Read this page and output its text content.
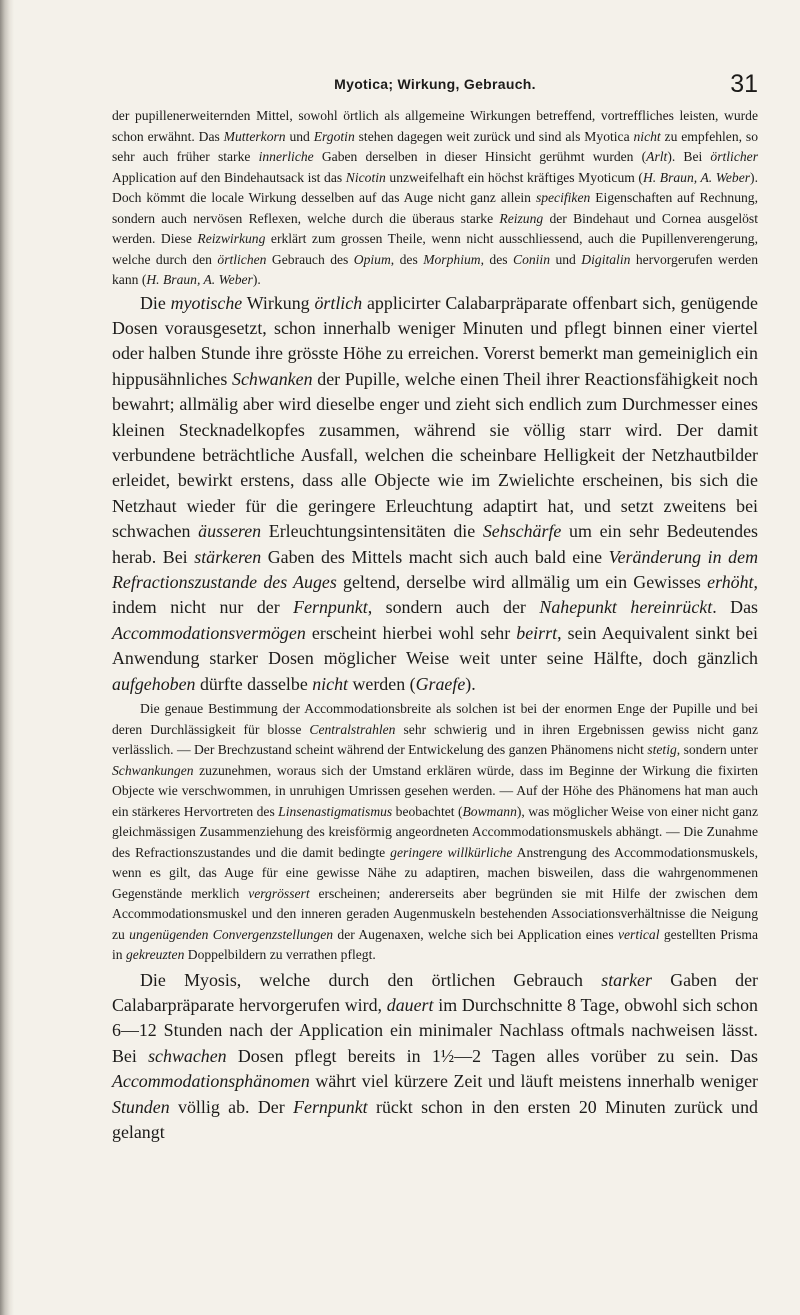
Myotica; Wirkung, Gebrauch.	31

der pupillenerweiternden Mittel, sowohl örtlich als allgemeine Wirkungen betreffend, vortreffliches leisten, wurde schon erwähnt. Das Mutterkorn und Ergotin stehen dagegen weit zurück und sind als Myotica nicht zu empfehlen, so sehr auch früher starke innerliche Gaben derselben in dieser Hinsicht gerühmt wurden (Arlt). Bei örtlicher Application auf den Bindehautsack ist das Nicotin unzweifelhaft ein höchst kräftiges Myoticum (H. Braun, A. Weber). Doch kömmt die locale Wirkung desselben auf das Auge nicht ganz allein specifiken Eigenschaften auf Rechnung, sondern auch nervösen Reflexen, welche durch die überaus starke Reizung der Bindehaut und Cornea ausgelöst werden. Diese Reizwirkung erklärt zum grossen Theile, wenn nicht ausschliessend, auch die Pupillenverengerung, welche durch den örtlichen Gebrauch des Opium, des Morphium, des Coniin und Digitalin hervorgerufen werden kann (H. Braun, A. Weber).

Die myotische Wirkung örtlich applicirter Calabarpräparate offenbart sich, genügende Dosen vorausgesetzt, schon innerhalb weniger Minuten und pflegt binnen einer viertel oder halben Stunde ihre grösste Höhe zu erreichen. Vorerst bemerkt man gemeiniglich ein hippusähnliches Schwanken der Pupille, welche einen Theil ihrer Reactionsfähigkeit noch bewahrt; allmälig aber wird dieselbe enger und zieht sich endlich zum Durchmesser eines kleinen Stecknadelkopfes zusammen, während sie völlig starr wird. Der damit verbundene beträchtliche Ausfall, welchen die scheinbare Helligkeit der Netzhautbilder erleidet, bewirkt erstens, dass alle Objecte wie im Zwielichte erscheinen, bis sich die Netzhaut wieder für die geringere Erleuchtung adaptirt hat, und setzt zweitens bei schwachen äusseren Erleuchtungsintensitäten die Sehschärfe um ein sehr Bedeutendes herab. Bei stärkeren Gaben des Mittels macht sich auch bald eine Veränderung in dem Refractionszustande des Auges geltend, derselbe wird allmälig um ein Gewisses erhöht, indem nicht nur der Fernpunkt, sondern auch der Nahepunkt hereinrückt. Das Accommodationsvermögen erscheint hierbei wohl sehr beirrt, sein Aequivalent sinkt bei Anwendung starker Dosen möglicher Weise weit unter seine Hälfte, doch gänzlich aufgehoben dürfte dasselbe nicht werden (Graefe).

Die genaue Bestimmung der Accommodationsbreite als solchen ist bei der enormen Enge der Pupille und bei deren Durchlässigkeit für blosse Centralstrahlen sehr schwierig und in ihren Ergebnissen gewiss nicht ganz verlässlich. — Der Brechzustand scheint während der Entwickelung des ganzen Phänomens nicht stetig, sondern unter Schwankungen zuzunehmen, woraus sich der Umstand erklären würde, dass im Beginne der Wirkung die fixirten Objecte wie verschwommen, in unruhigen Umrissen gesehen werden. — Auf der Höhe des Phänomens hat man auch ein stärkeres Hervortreten des Linsenastigmatismus beobachtet (Bowmann), was möglicher Weise von einer nicht ganz gleichmässigen Zusammenziehung des kreisförmig angeordneten Accommodationsmuskels abhängt. — Die Zunahme des Refractionszustandes und die damit bedingte geringere willkürliche Anstrengung des Accommodationsmuskels, wenn es gilt, das Auge für eine gewisse Nähe zu adaptiren, machen bisweilen, dass die wahrgenommenen Gegenstände merklich vergrössert erscheinen; andererseits aber begründen sie mit Hilfe der zwischen dem Accommodationsmuskel und den inneren geraden Augenmuskeln bestehenden Associationsverhältnisse die Neigung zu ungenügenden Convergenzstellungen der Augenaxen, welche sich bei Application eines vertical gestellten Prisma in gekreuzten Doppelbildern zu verrathen pflegt.

Die Myosis, welche durch den örtlichen Gebrauch starker Gaben der Calabarpräparate hervorgerufen wird, dauert im Durchschnitte 8 Tage, obwohl sich schon 6—12 Stunden nach der Application ein minimaler Nachlass oftmals nachweisen lässt. Bei schwachen Dosen pflegt bereits in 1½—2 Tagen alles vorüber zu sein. Das Accommodationsphänomen währt viel kürzere Zeit und läuft meistens innerhalb weniger Stunden völlig ab. Der Fernpunkt rückt schon in den ersten 20 Minuten zurück und gelangt
